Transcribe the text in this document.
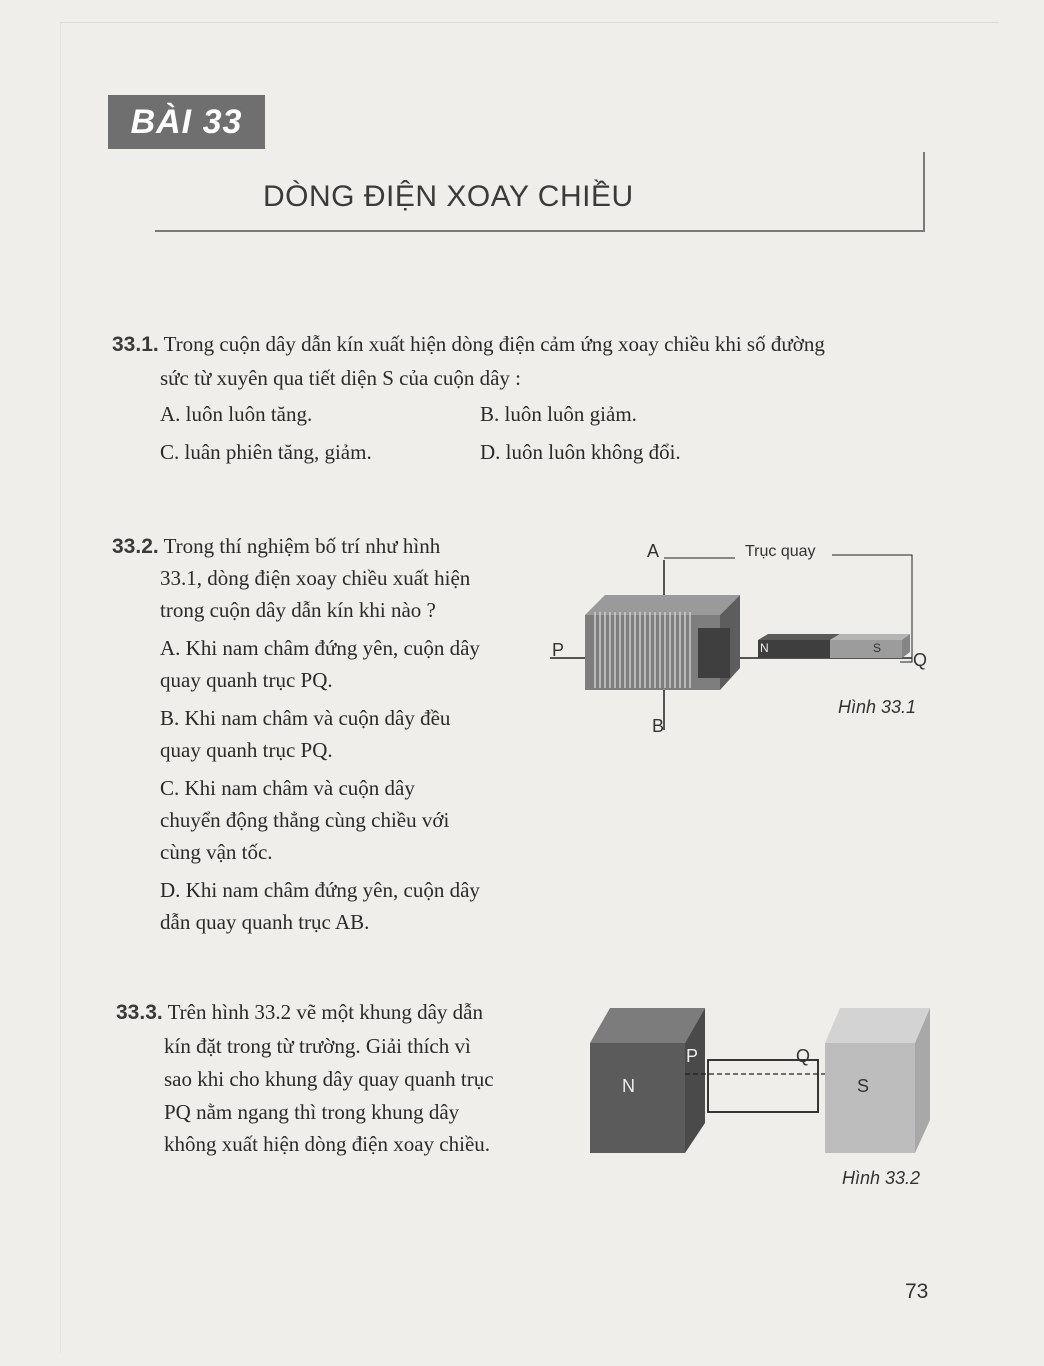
BÀI 33
DÒNG ĐIỆN XOAY CHIỀU

33.1. Trong cuộn dây dẫn kín xuất hiện dòng điện cảm ứng xoay chiều khi số đường

sức từ xuyên qua tiết diện S của cuộn dây :

A. luôn luôn tăng.	B. luôn luôn giảm.

C. luân phiên tăng, giảm.	D. luôn luôn không đổi.

33.2. Trong thí nghiệm bố trí như hình

33.1, dòng điện xoay chiều xuất hiện

trong cuộn dây dẫn kín khi nào ?

A. Khi nam châm đứng yên, cuộn dây

quay quanh trục PQ.

B. Khi nam châm và cuộn dây đều

quay quanh trục PQ.

C. Khi nam châm và cuộn dây

chuyển động thẳng cùng chiều với

cùng vận tốc.

D. Khi nam châm đứng yên, cuộn dây

dẫn quay quanh trục AB.

A	Trục quay
P	Q
B
N	S
Hình 33.1

33.3. Trên hình 33.2 vẽ một khung dây dẫn

kín đặt trong từ trường. Giải thích vì

sao khi cho khung dây quay quanh trục

PQ nằm ngang thì trong khung dây

không xuất hiện dòng điện xoay chiều.

N	S
P	Q
Hình 33.2
73
